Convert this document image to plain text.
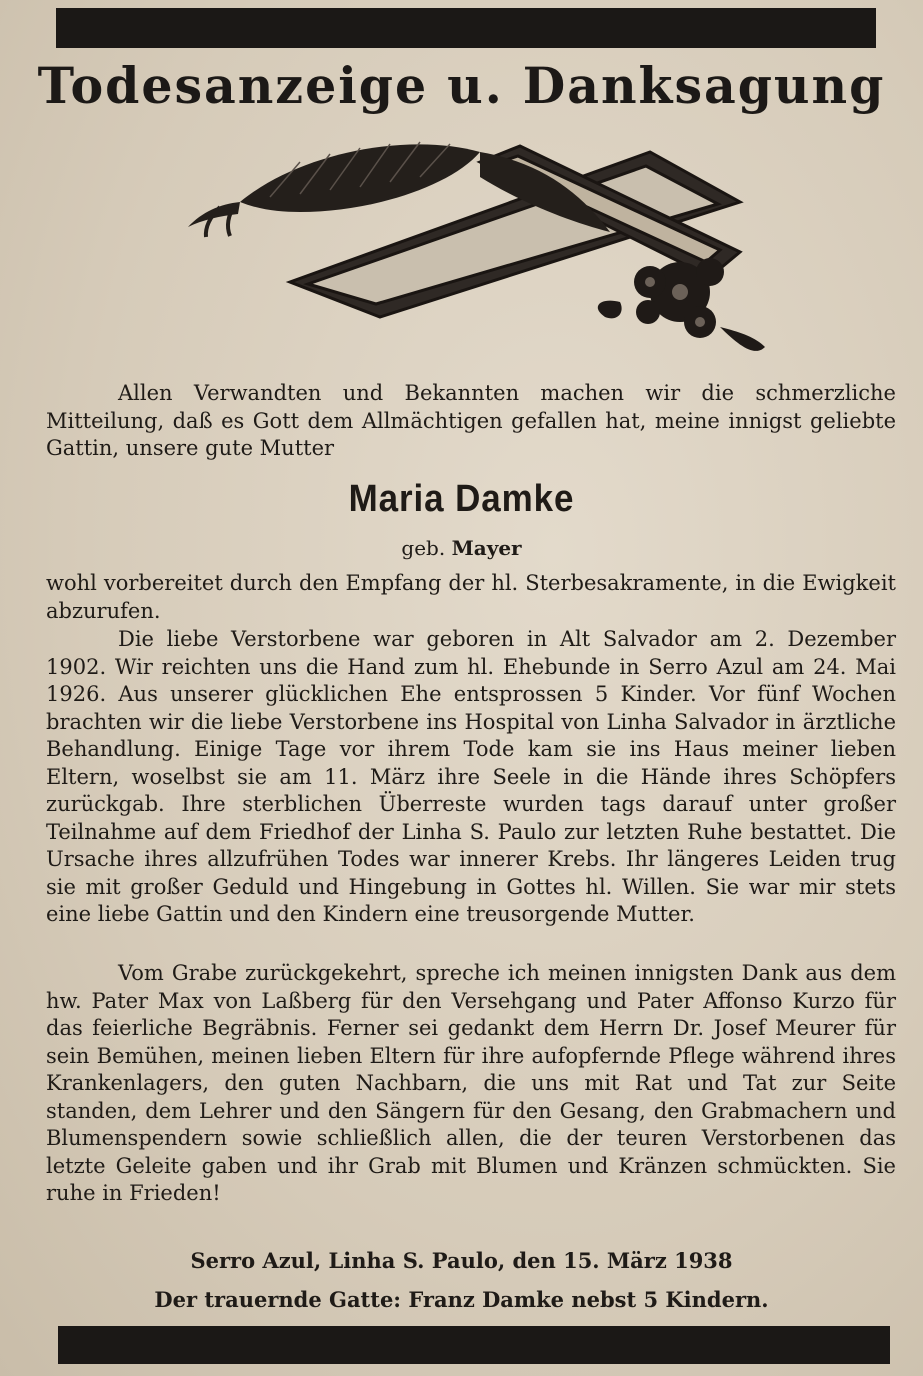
Todesanzeige u. Danksagung

Allen Verwandten und Bekannten machen wir die schmerzliche Mitteilung, daß es Gott dem Allmächtigen gefallen hat, meine innigst geliebte Gattin, unsere gute Mutter

Maria Damke
geb. Mayer

wohl vorbereitet durch den Empfang der hl. Sterbesakramente, in die Ewigkeit abzurufen.

Die liebe Verstorbene war geboren in Alt Salvador am 2. Dezember 1902. Wir reichten uns die Hand zum hl. Ehebunde in Serro Azul am 24. Mai 1926. Aus unserer glücklichen Ehe entsprossen 5 Kinder. Vor fünf Wochen brachten wir die liebe Verstorbene ins Hospital von Linha Salvador in ärztliche Behandlung. Einige Tage vor ihrem Tode kam sie ins Haus meiner lieben Eltern, woselbst sie am 11. März ihre Seele in die Hände ihres Schöpfers zurückgab. Ihre sterblichen Überreste wurden tags darauf unter großer Teilnahme auf dem Friedhof der Linha S. Paulo zur letzten Ruhe bestattet. Die Ursache ihres allzufrühen Todes war innerer Krebs. Ihr längeres Leiden trug sie mit großer Geduld und Hingebung in Gottes hl. Willen. Sie war mir stets eine liebe Gattin und den Kindern eine treusorgende Mutter.

Vom Grabe zurückgekehrt, spreche ich meinen innigsten Dank aus dem hw. Pater Max von Laßberg für den Versehgang und Pater Affonso Kurzo für das feierliche Begräbnis. Ferner sei gedankt dem Herrn Dr. Josef Meurer für sein Bemühen, meinen lieben Eltern für ihre aufopfernde Pflege während ihres Krankenlagers, den guten Nachbarn, die uns mit Rat und Tat zur Seite standen, dem Lehrer und den Sängern für den Gesang, den Grabmachern und Blumenspendern sowie schließlich allen, die der teuren Verstorbenen das letzte Geleite gaben und ihr Grab mit Blumen und Kränzen schmückten. Sie ruhe in Frieden!

Serro Azul, Linha S. Paulo, den 15. März 1938
Der trauernde Gatte: Franz Damke nebst 5 Kindern.
